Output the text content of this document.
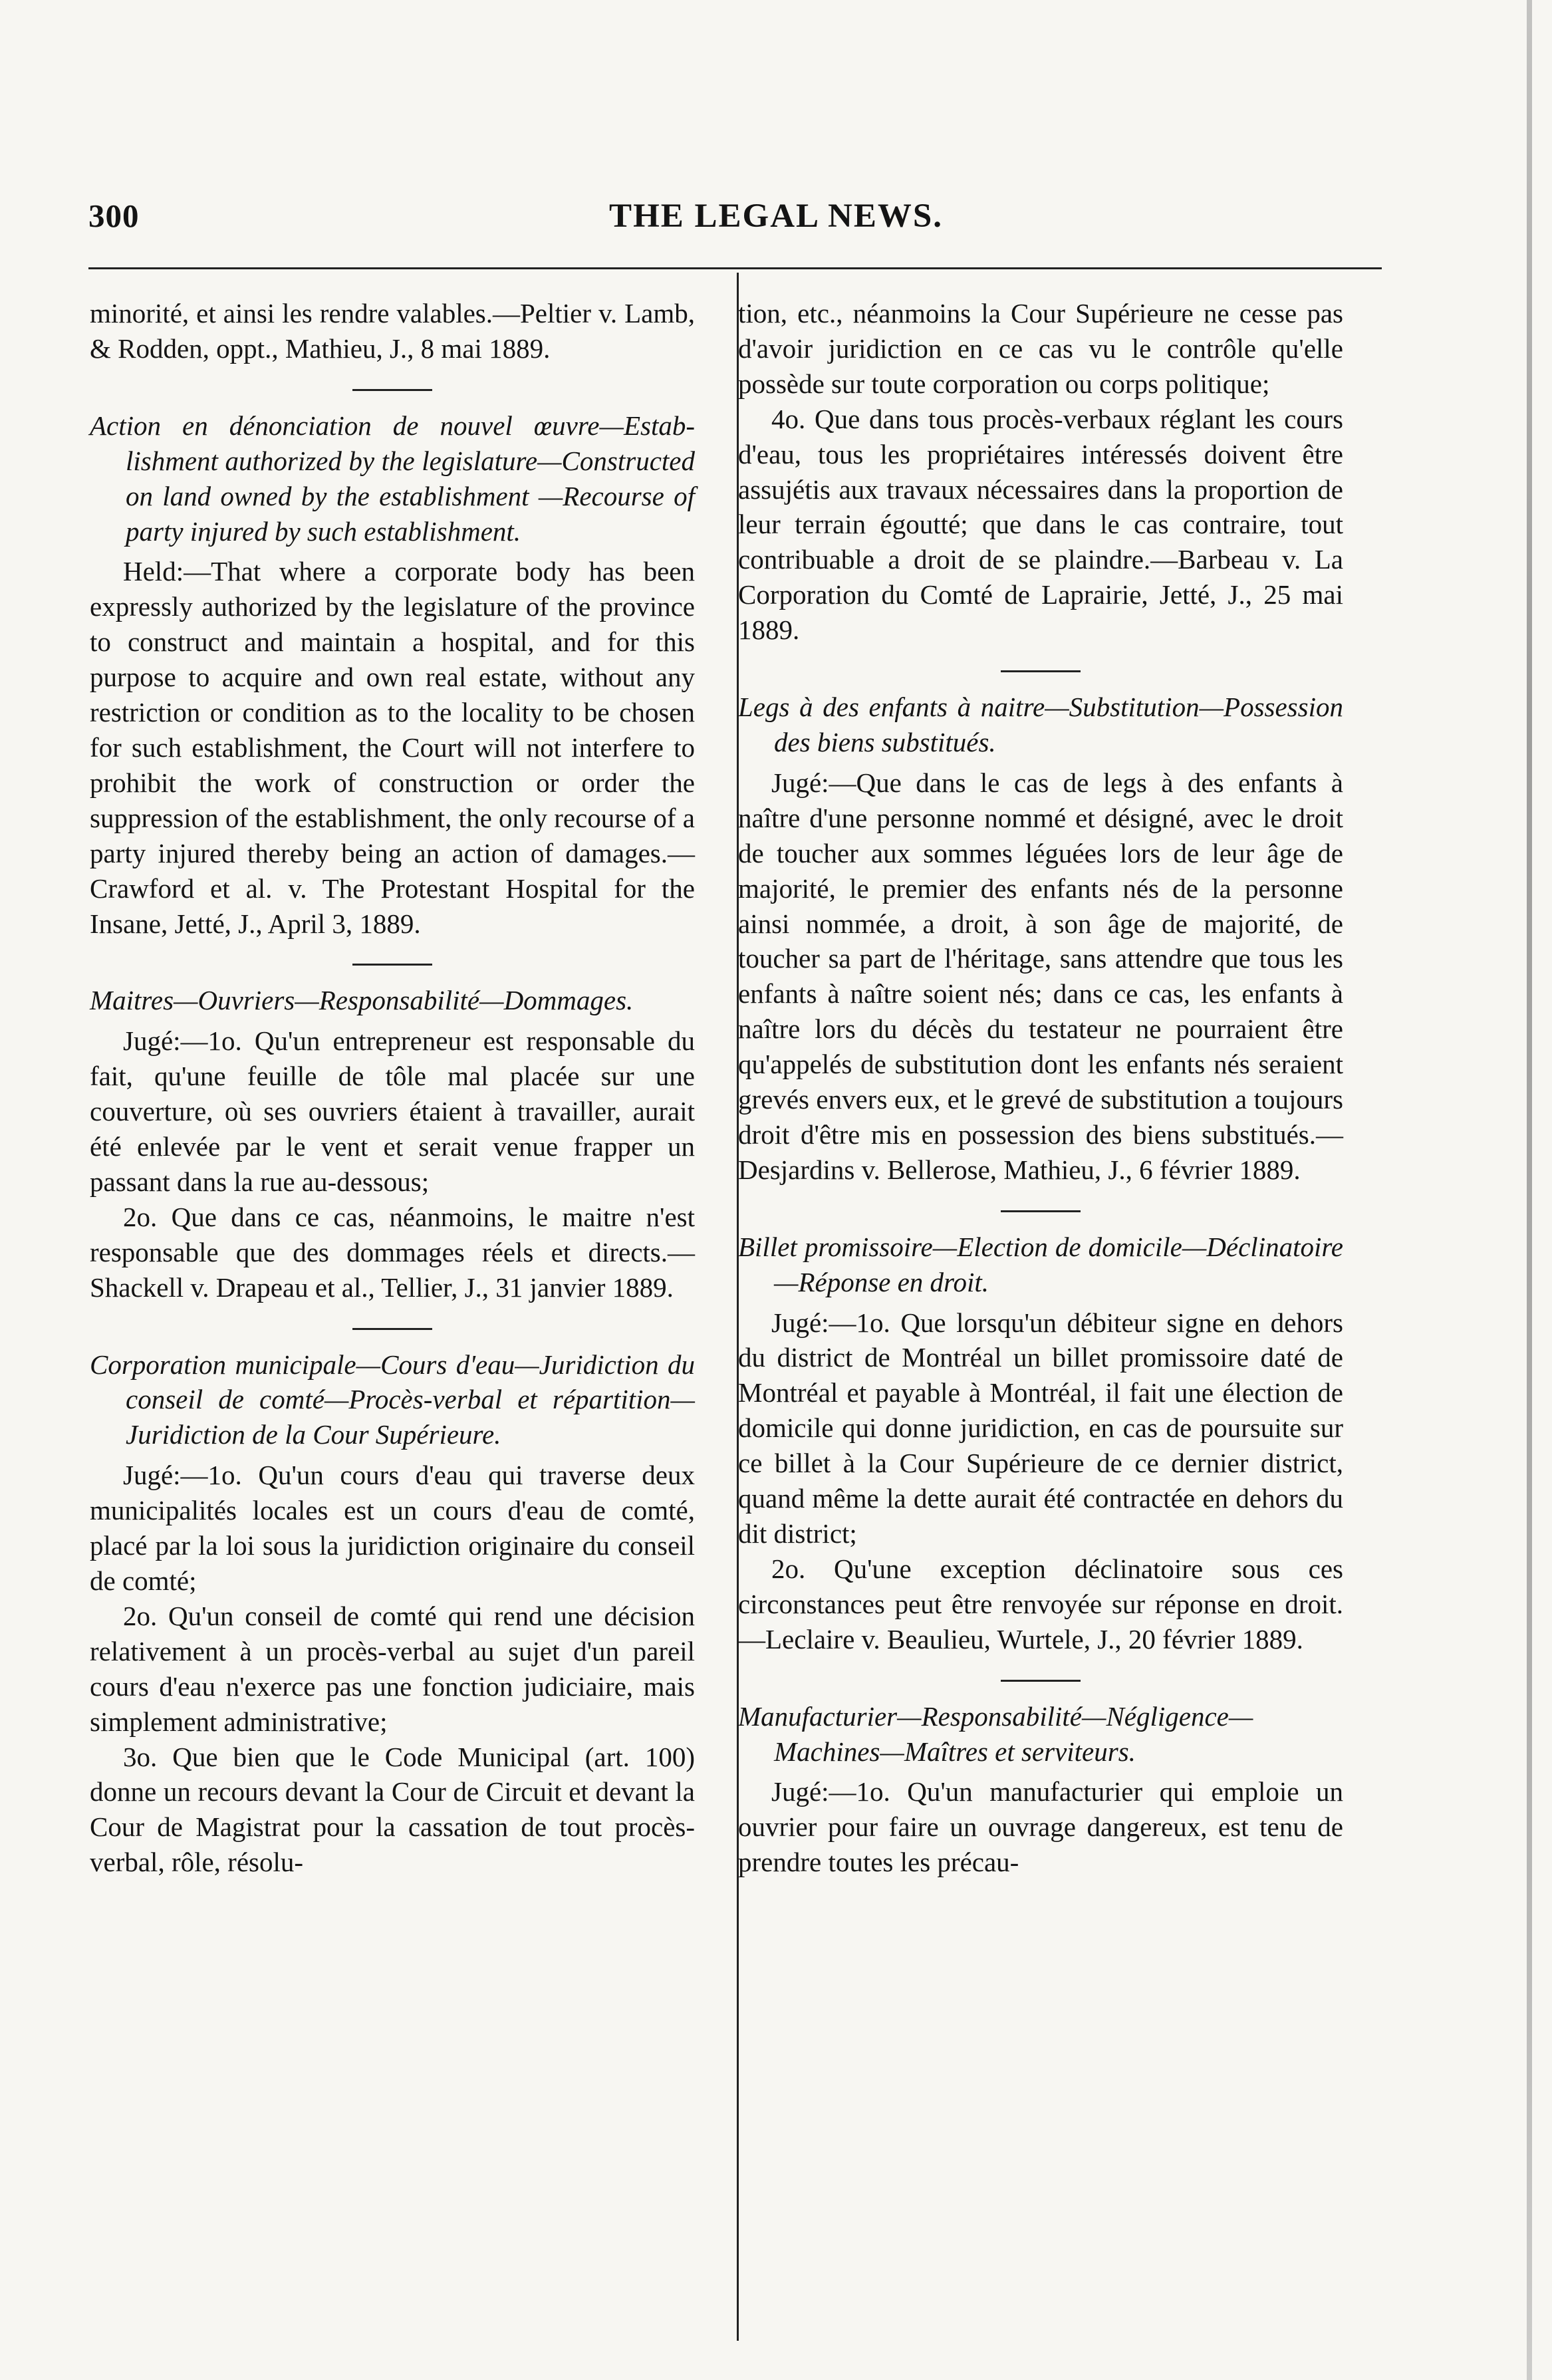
300	THE LEGAL NEWS.

minorité, et ainsi les rendre valables.—Peltier v. Lamb, & Rodden, oppt., Mathieu, J., 8 mai 1889.

Action en dénonciation de nouvel œuvre—Establishment authorized by the legislature—Constructed on land owned by the establishment —Recourse of party injured by such establishment.

Held:—That where a corporate body has been expressly authorized by the legislature of the province to construct and maintain a hospital, and for this purpose to acquire and own real estate, without any restriction or condition as to the locality to be chosen for such establishment, the Court will not interfere to prohibit the work of construction or order the suppression of the establishment, the only recourse of a party injured thereby being an action of damages.—Crawford et al. v. The Protestant Hospital for the Insane, Jetté, J., April 3, 1889.

Maitres—Ouvriers—Responsabilité—Dommages.

Jugé:—1o. Qu'un entrepreneur est responsable du fait, qu'une feuille de tôle mal placée sur une couverture, où ses ouvriers étaient à travailler, aurait été enlevée par le vent et serait venue frapper un passant dans la rue au-dessous;

2o. Que dans ce cas, néanmoins, le maitre n'est responsable que des dommages réels et directs.—Shackell v. Drapeau et al., Tellier, J., 31 janvier 1889.

Corporation municipale—Cours d'eau—Juridiction du conseil de comté—Procès-verbal et répartition—Juridiction de la Cour Supérieure.

Jugé:—1o. Qu'un cours d'eau qui traverse deux municipalités locales est un cours d'eau de comté, placé par la loi sous la juridiction originaire du conseil de comté;

2o. Qu'un conseil de comté qui rend une décision relativement à un procès-verbal au sujet d'un pareil cours d'eau n'exerce pas une fonction judiciaire, mais simplement administrative;

3o. Que bien que le Code Municipal (art. 100) donne un recours devant la Cour de Circuit et devant la Cour de Magistrat pour la cassation de tout procès-verbal, rôle, résolu-

tion, etc., néanmoins la Cour Supérieure ne cesse pas d'avoir juridiction en ce cas vu le contrôle qu'elle possède sur toute corporation ou corps politique;

4o. Que dans tous procès-verbaux réglant les cours d'eau, tous les propriétaires intéressés doivent être assujétis aux travaux nécessaires dans la proportion de leur terrain égoutté; que dans le cas contraire, tout contribuable a droit de se plaindre.—Barbeau v. La Corporation du Comté de Laprairie, Jetté, J., 25 mai 1889.

Legs à des enfants à naitre—Substitution—Possession des biens substitués.

Jugé:—Que dans le cas de legs à des enfants à naître d'une personne nommé et désigné, avec le droit de toucher aux sommes léguées lors de leur âge de majorité, le premier des enfants nés de la personne ainsi nommée, a droit, à son âge de majorité, de toucher sa part de l'héritage, sans attendre que tous les enfants à naître soient nés; dans ce cas, les enfants à naître lors du décès du testateur ne pourraient être qu'appelés de substitution dont les enfants nés seraient grevés envers eux, et le grevé de substitution a toujours droit d'être mis en possession des biens substitués.—Desjardins v. Bellerose, Mathieu, J., 6 février 1889.

Billet promissoire—Election de domicile—Déclinatoire—Réponse en droit.

Jugé:—1o. Que lorsqu'un débiteur signe en dehors du district de Montréal un billet promissoire daté de Montréal et payable à Montréal, il fait une élection de domicile qui donne juridiction, en cas de poursuite sur ce billet à la Cour Supérieure de ce dernier district, quand même la dette aurait été contractée en dehors du dit district;

2o. Qu'une exception déclinatoire sous ces circonstances peut être renvoyée sur réponse en droit.—Leclaire v. Beaulieu, Wurtele, J., 20 février 1889.

Manufacturier—Responsabilité—Négligence—Machines—Maîtres et serviteurs.

Jugé:—1o. Qu'un manufacturier qui emploie un ouvrier pour faire un ouvrage dangereux, est tenu de prendre toutes les précau-
